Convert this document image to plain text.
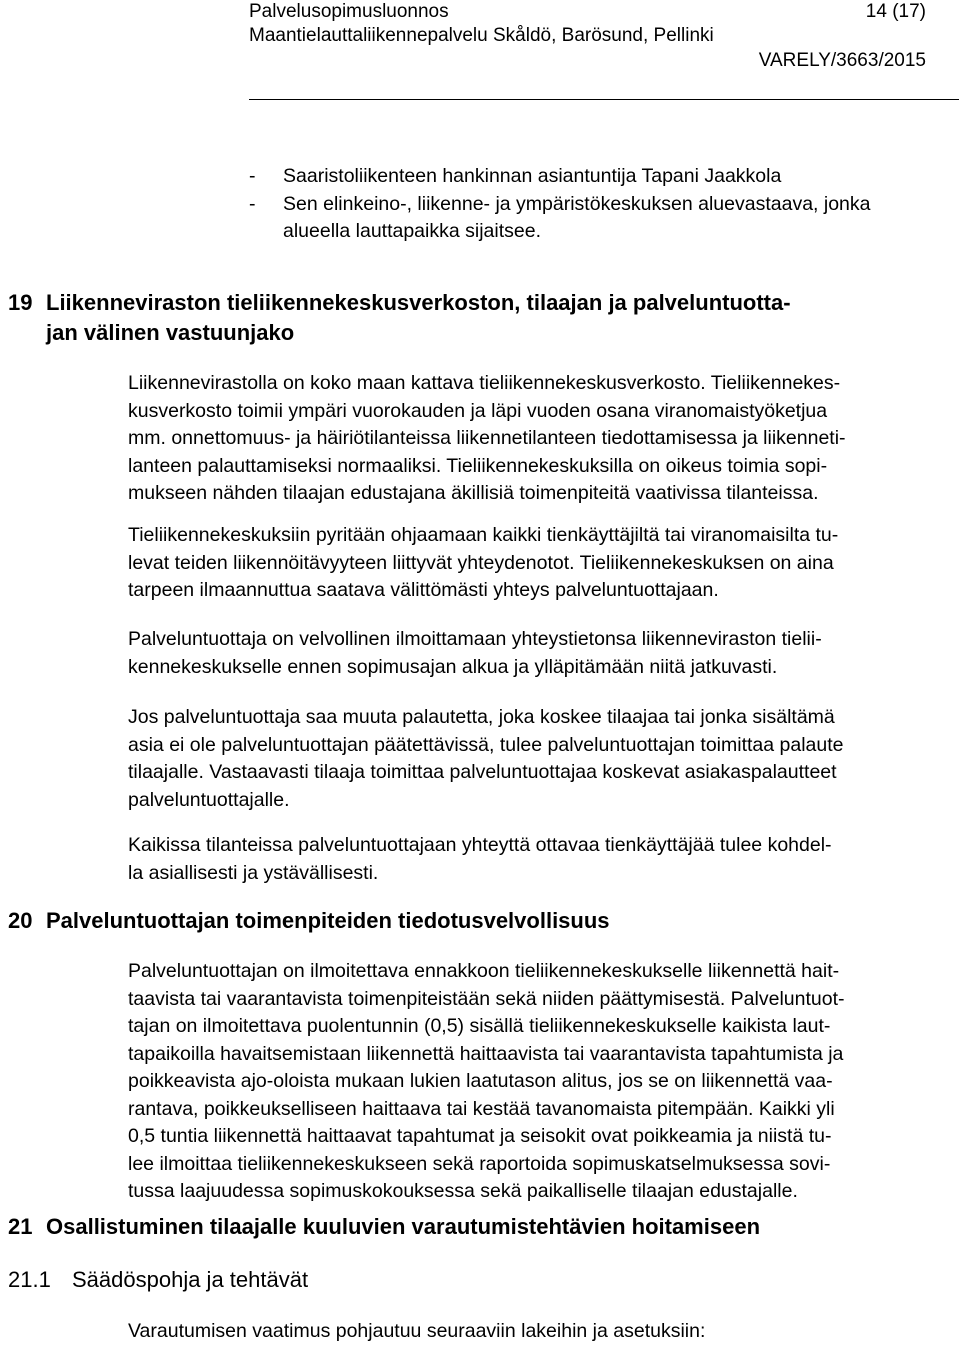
Palvelusopimusluonnos	14 (17)
Maantielauttaliikennepalvelu Skåldö, Barösund, Pellinki
VARELY/3663/2015
- Saaristoliikenteen hankinnan asiantuntija Tapani Jaakkola
- Sen elinkeino-, liikenne- ja ympäristökeskuksen aluevastaava, jonka
alueella lauttapaikka sijaitsee.
19 Liikenneviraston tieliikennekeskusverkoston, tilaajan ja palveluntuotta-
jan välinen vastuunjako
Liikennevirastolla on koko maan kattava tieliikennekeskusverkosto. Tieliikennekes-
kusverkosto toimii ympäri vuorokauden ja läpi vuoden osana viranomaistyöketjua
mm. onnettomuus- ja häiriötilanteissa liikennetilanteen tiedottamisessa ja liikenneti-
lanteen palauttamiseksi normaaliksi. Tieliikennekeskuksilla on oikeus toimia sopi-
mukseen nähden tilaajan edustajana äkillisiä toimenpiteitä vaativissa tilanteissa.
Tieliikennekeskuksiin pyritään ohjaamaan kaikki tienkäyttäjiltä tai viranomaisilta tu-
levat teiden liikennöitävyyteen liittyvät yhteydenotot. Tieliikennekeskuksen on aina
tarpeen ilmaannuttua saatava välittömästi yhteys palveluntuottajaan.
Palveluntuottaja on velvollinen ilmoittamaan yhteystietonsa liikenneviraston tielii-
kennekeskukselle ennen sopimusajan alkua ja ylläpitämään niitä jatkuvasti.
Jos palveluntuottaja saa muuta palautetta, joka koskee tilaajaa tai jonka sisältämä
asia ei ole palveluntuottajan päätettävissä, tulee palveluntuottajan toimittaa palaute
tilaajalle. Vastaavasti tilaaja toimittaa palveluntuottajaa koskevat asiakaspalautteet
palveluntuottajalle.
Kaikissa tilanteissa palveluntuottajaan yhteyttä ottavaa tienkäyttäjää tulee kohdel-
la asiallisesti ja ystävällisesti.
20 Palveluntuottajan toimenpiteiden tiedotusvelvollisuus
Palveluntuottajan on ilmoitettava ennakkoon tieliikennekeskukselle liikennettä hait-
taavista tai vaarantavista toimenpiteistään sekä niiden päättymisestä. Palveluntuot-
tajan on ilmoitettava puolentunnin (0,5) sisällä tieliikennekeskukselle kaikista laut-
tapaikoilla havaitsemistaan liikennettä haittaavista tai vaarantavista tapahtumista ja
poikkeavista ajo-oloista mukaan lukien laatutason alitus, jos se on liikennettä vaa-
rantava, poikkeukselliseen haittaava tai kestää tavanomaista pitempään. Kaikki yli
0,5 tuntia liikennettä haittaavat tapahtumat ja seisokit ovat poikkeamia ja niistä tu-
lee ilmoittaa tieliikennekeskukseen sekä raportoida sopimuskatselmuksessa sovi-
tussa laajuudessa sopimuskokouksessa sekä paikalliselle tilaajan edustajalle.
21 Osallistuminen tilaajalle kuuluvien varautumistehtävien hoitamiseen
21.1 Säädöspohja ja tehtävät
Varautumisen vaatimus pohjautuu seuraaviin lakeihin ja asetuksiin:
